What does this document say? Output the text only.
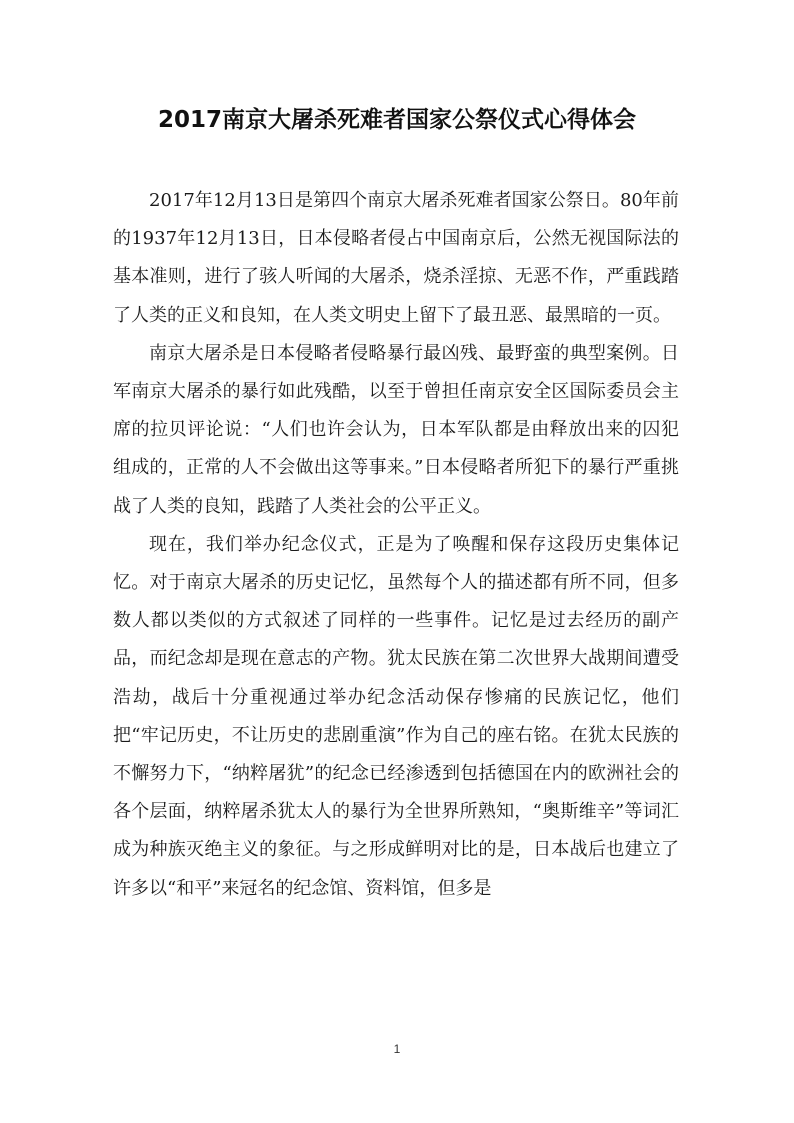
2017南京大屠杀死难者国家公祭仪式心得体会

2017年12月13日是第四个南京大屠杀死难者国家公祭日。80年前的1937年12月13日，日本侵略者侵占中国南京后，公然无视国际法的基本准则，进行了骇人听闻的大屠杀，烧杀淫掠、无恶不作，严重践踏了人类的正义和良知，在人类文明史上留下了最丑恶、最黑暗的一页。

南京大屠杀是日本侵略者侵略暴行最凶残、最野蛮的典型案例。日军南京大屠杀的暴行如此残酷，以至于曾担任南京安全区国际委员会主席的拉贝评论说：“人们也许会认为，日本军队都是由释放出来的囚犯组成的，正常的人不会做出这等事来。”日本侵略者所犯下的暴行严重挑战了人类的良知，践踏了人类社会的公平正义。

现在，我们举办纪念仪式，正是为了唤醒和保存这段历史集体记忆。对于南京大屠杀的历史记忆，虽然每个人的描述都有所不同，但多数人都以类似的方式叙述了同样的一些事件。记忆是过去经历的副产品，而纪念却是现在意志的产物。犹太民族在第二次世界大战期间遭受浩劫，战后十分重视通过举办纪念活动保存惨痛的民族记忆，他们把“牢记历史，不让历史的悲剧重演”作为自己的座右铭。在犹太民族的不懈努力下，“纳粹屠犹”的纪念已经渗透到包括德国在内的欧洲社会的各个层面，纳粹屠杀犹太人的暴行为全世界所熟知，“奥斯维辛”等词汇成为种族灭绝主义的象征。与之形成鲜明对比的是，日本战后也建立了许多以“和平”来冠名的纪念馆、资料馆，但多是

1
